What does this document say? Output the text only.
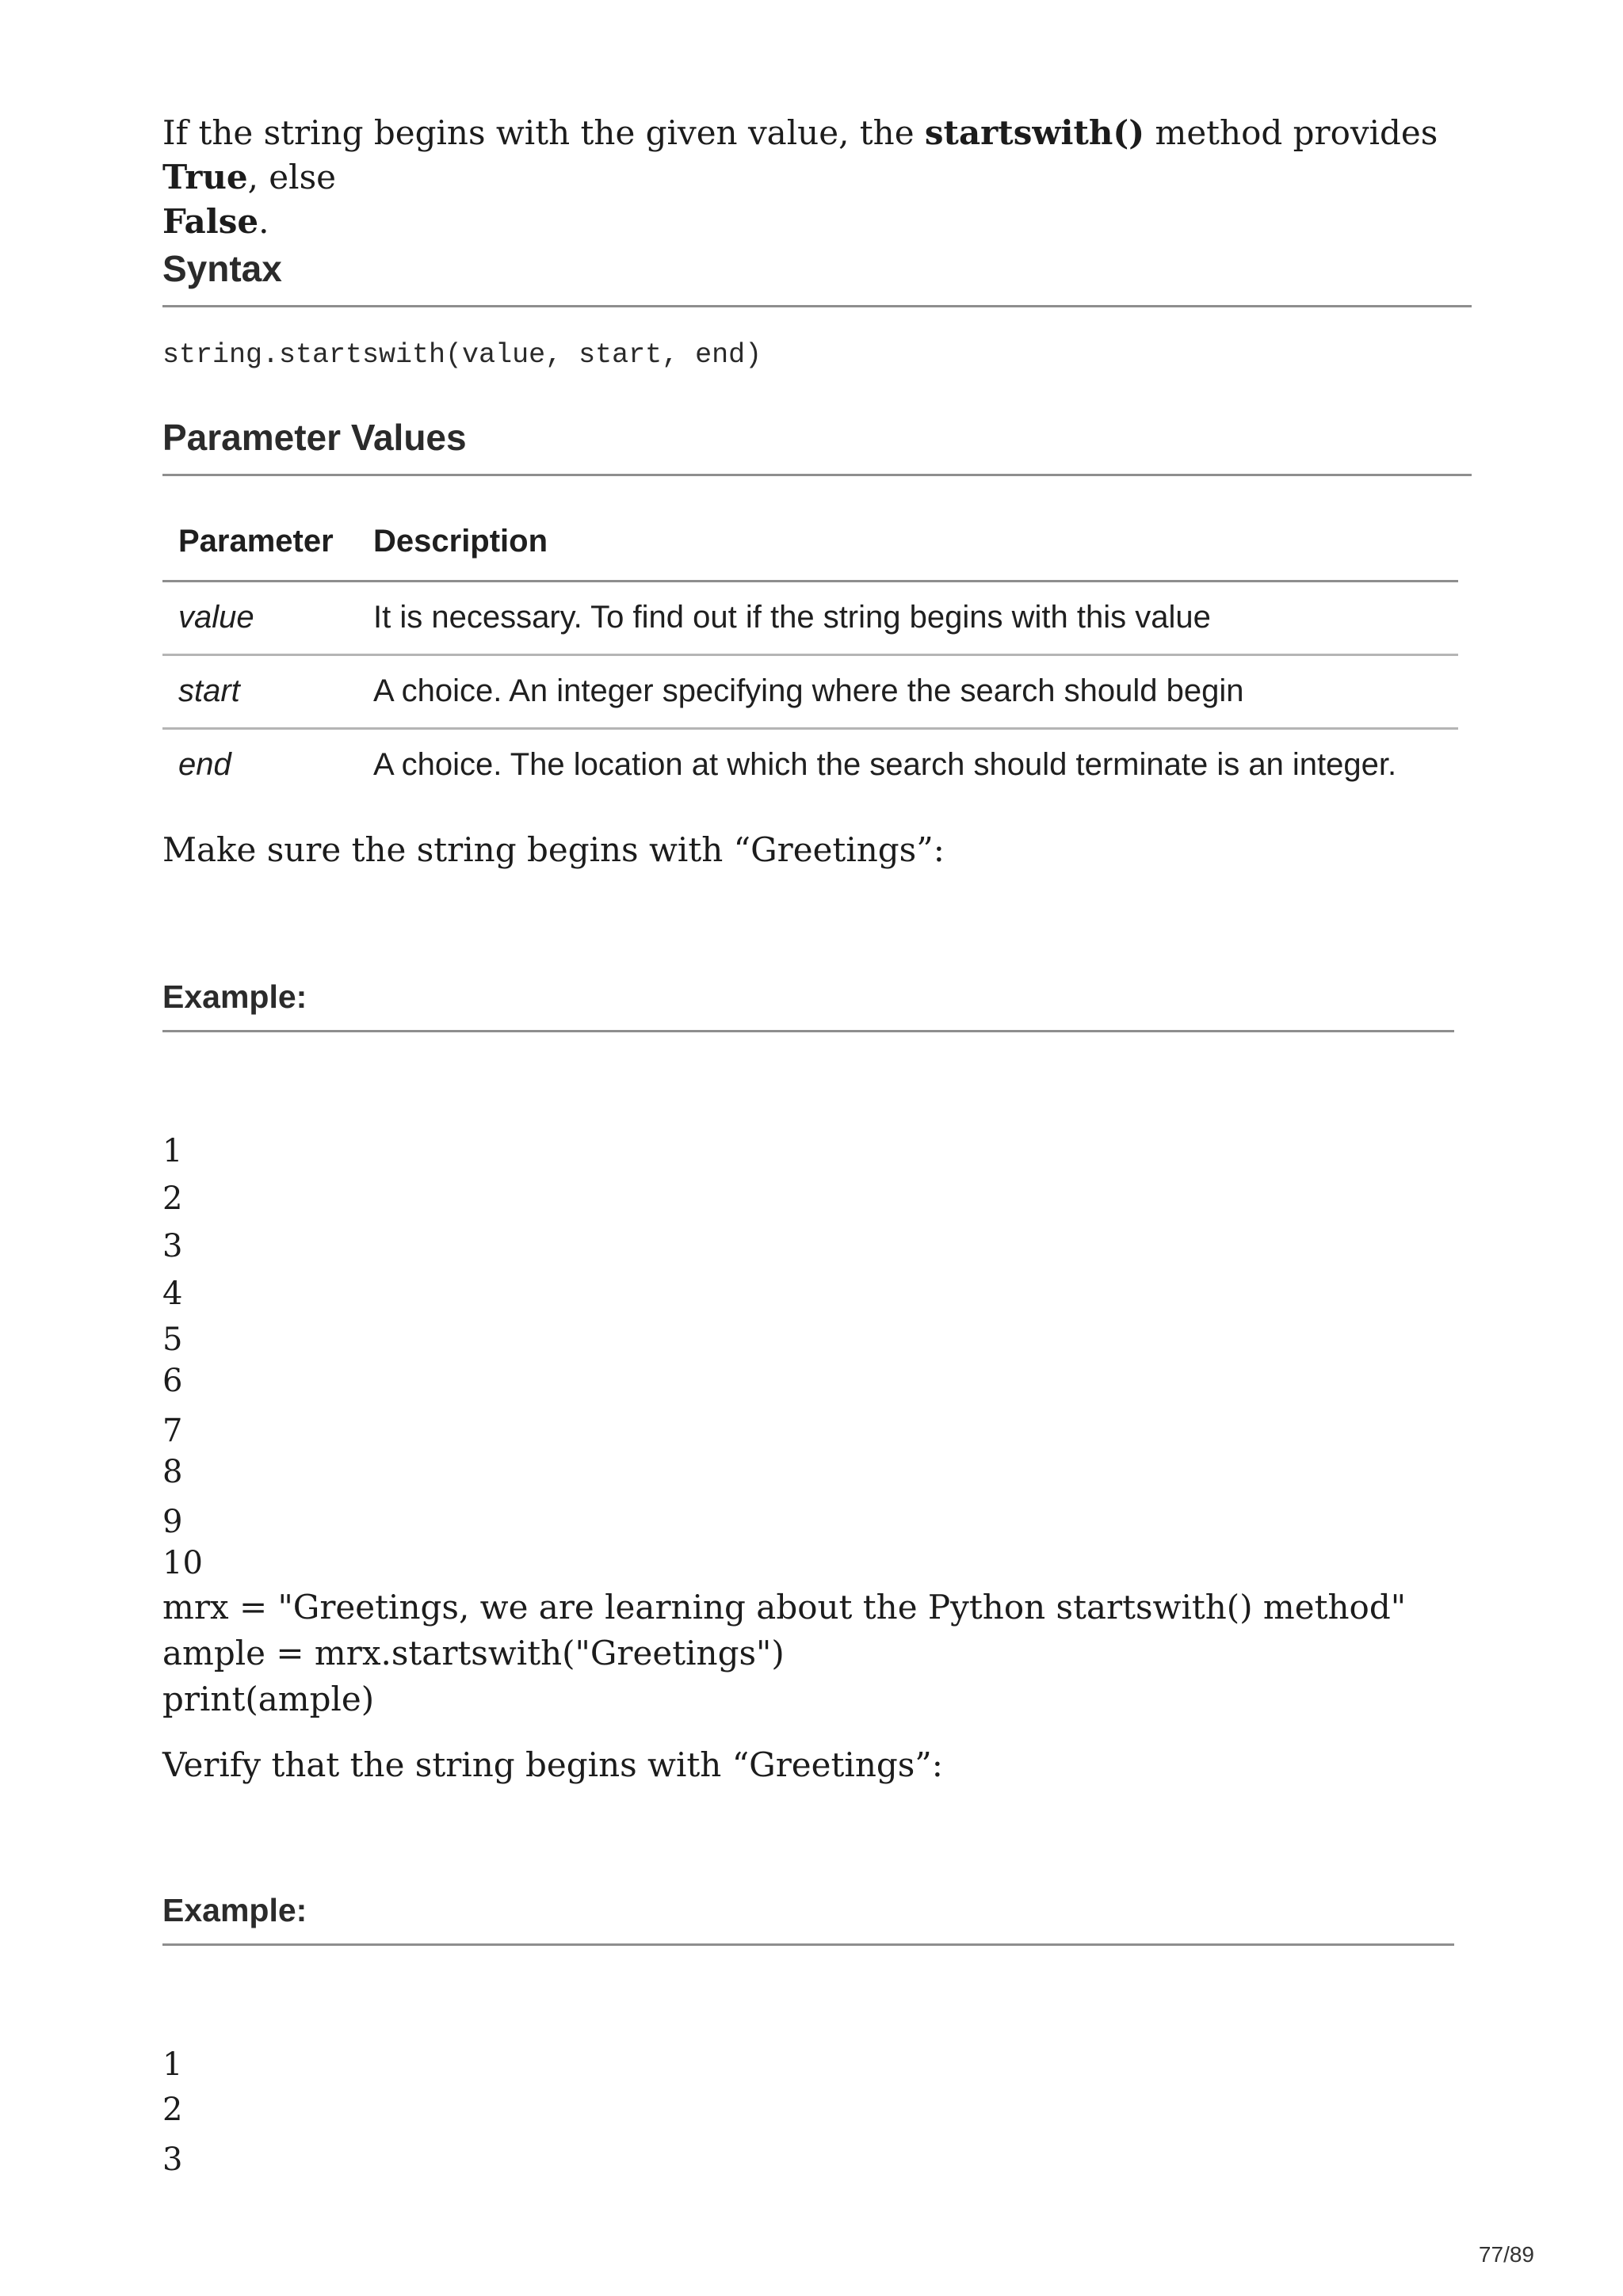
If the string begins with the given value, the startswith() method provides True, else
False.

Syntax
string.startswith(value, start, end)
Parameter Values
Parameter	Description
value	It is necessary. To find out if the string begins with this value
start	A choice. An integer specifying where the search should begin
end	A choice. The location at which the search should terminate is an integer.
Make sure the string begins with “Greetings”:
Example:
1
2
3
4
5
6
7
8
9
10
mrx = "Greetings, we are learning about the Python startswith() method"
ample = mrx.startswith("Greetings")
print(ample)
Verify that the string begins with “Greetings”:
Example:
1
2
3
77/89
